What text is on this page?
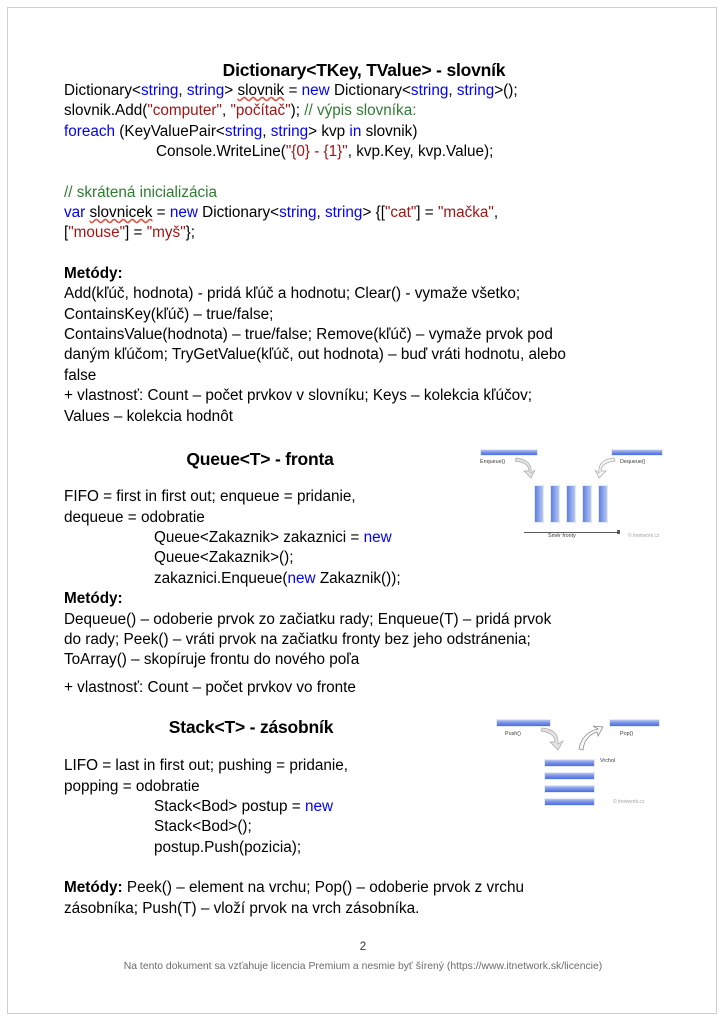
Dictionary<TKey, TValue> - slovník
Dictionary<string, string> slovnik = new Dictionary<string, string>();
slovnik.Add("computer", "počítač"); // výpis slovníka:
foreach (KeyValuePair<string, string> kvp in slovnik)
Console.WriteLine("{0} - {1}", kvp.Key, kvp.Value);
// skrátená inicializácia
var slovnicek = new Dictionary<string, string> {["cat"] = "mačka",
["mouse"] = "myš"};
Metódy:
Add(kľúč, hodnota) - pridá kľúč a hodnotu; Clear() - vymaže všetko;
ContainsKey(kľúč) – true/false;
ContainsValue(hodnota) – true/false; Remove(kľúč) – vymaže prvok pod
daným kľúčom; TryGetValue(kľúč, out hodnota) – buď vráti hodnotu, alebo
false
+ vlastnosť: Count – počet prvkov v slovníku; Keys – kolekcia kľúčov;
Values – kolekcia hodnôt
Enqueue()	Dequeue()
Směr fronty	© itnetwork.cz
Queue<T> - fronta
FIFO = first in first out; enqueue = pridanie,
dequeue = odobratie
Queue<Zakaznik> zakaznici = new
Queue<Zakaznik>();
zakaznici.Enqueue(new Zakaznik());
Metódy:
Dequeue() – odoberie prvok zo začiatku rady; Enqueue(T) – pridá prvok
do rady; Peek() – vráti prvok na začiatku fronty bez jeho odstránenia;
ToArray() – skopíruje frontu do nového poľa
+ vlastnosť: Count – počet prvkov vo fronte
Push()	Pop()
Vrchol
© itnetwork.cz
Stack<T> - zásobník
LIFO = last in first out; pushing = pridanie,
popping = odobratie
Stack<Bod> postup = new
Stack<Bod>();
postup.Push(pozicia);
Metódy: Peek() – element na vrchu; Pop() – odoberie prvok z vrchu
zásobníka; Push(T) – vloží prvok na vrch zásobníka.
2
Na tento dokument sa vzťahuje licencia Premium a nesmie byť šírený (https://www.itnetwork.sk/licencie)
